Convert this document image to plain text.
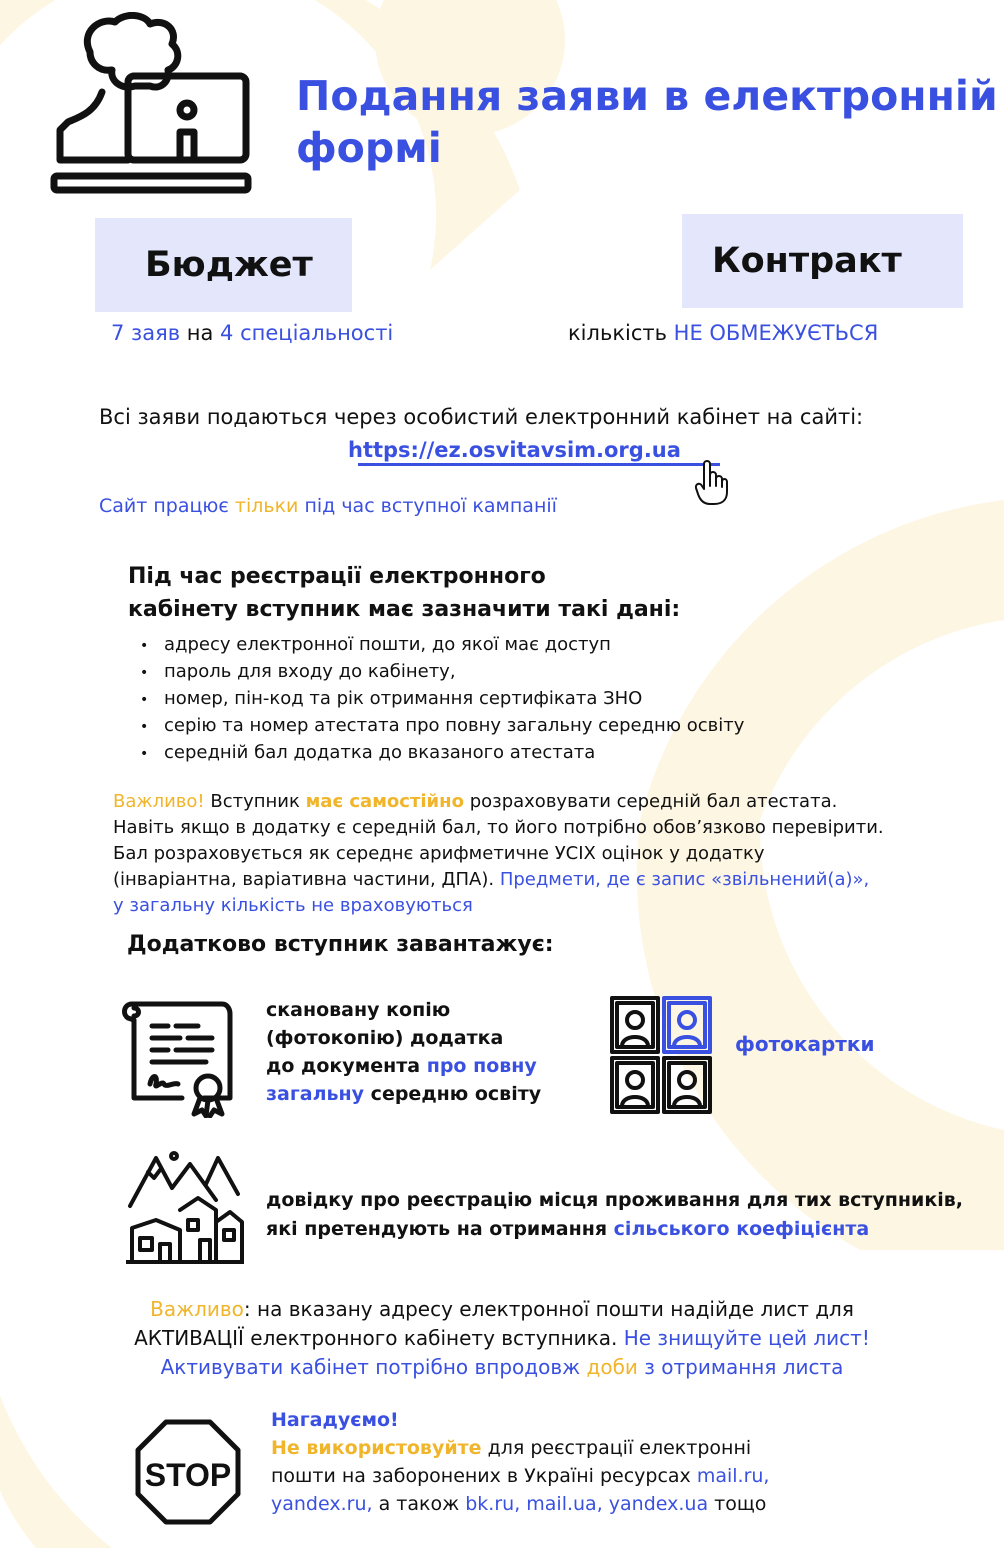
Подання заяви в електронній
формі
Бюджет	Контракт
7 заяв на 4 спеціальності	кількість НЕ ОБМЕЖУЄТЬСЯ
Всі заяви подаються через особистий електронний кабінет на сайті:
https://ez.osvitavsim.org.ua
Сайт працює тільки під час вступної кампанії
Під час реєстрації електронного
кабінету вступник має зазначити такі дані:
• адресу електронної пошти, до якої має доступ
• пароль для входу до кабінету,
• номер, пін-код та рік отримання сертифіката ЗНО
• серію та номер атестата про повну загальну середню освіту
• середній бал додатка до вказаного атестата
Важливо! Вступник має самостійно розраховувати середній бал атестата.
Навіть якщо в додатку є середній бал, то його потрібно обов’язково перевірити.
Бал розраховується як середнє арифметичне УСІХ оцінок у додатку
(інваріантна, варіативна частини, ДПА). Предмети, де є запис «звільнений(а)»,
у загальну кількість не враховуються
Додатково вступник завантажує:
скановану копію
(фотокопію) додатка
до документа про повну
загальну середню освіту
фотокартки
довідку про реєстрацію місця проживання для тих вступників,
які претендують на отримання сільського коефіцієнта
Важливо: на вказану адресу електронної пошти надійде лист для
АКТИВАЦІЇ електронного кабінету вступника. Не знищуйте цей лист!
Активувати кабінет потрібно впродовж доби з отримання листа
STOP
Нагадуємо!
Не використовуйте для реєстрації електронні
пошти на заборонених в Україні ресурсах mail.ru,
yandex.ru, а також bk.ru, mail.ua, yandex.ua тощо
